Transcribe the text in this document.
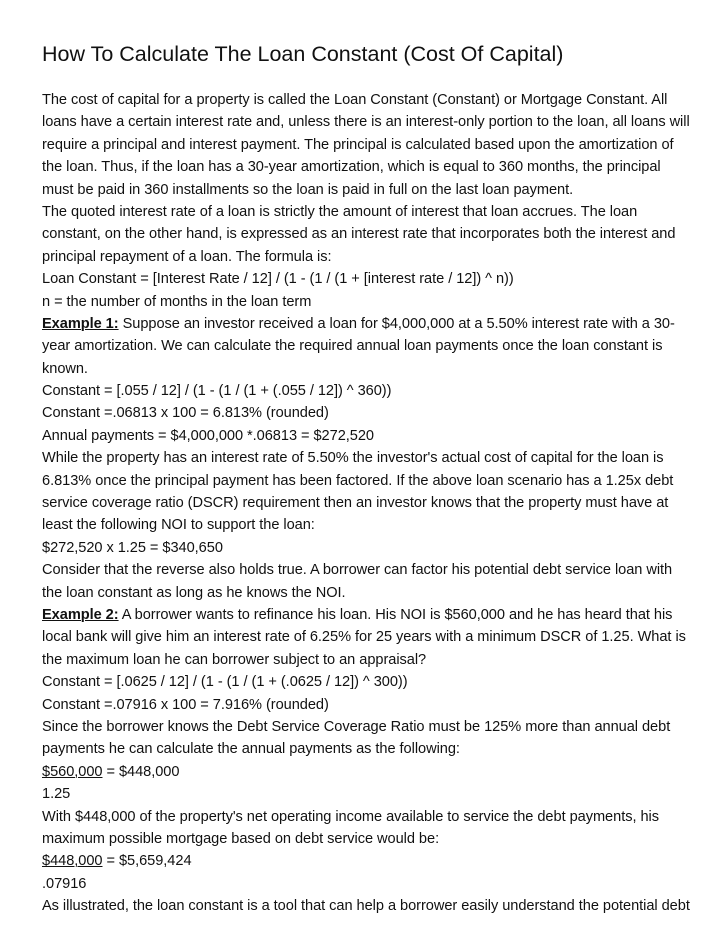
How To Calculate The Loan Constant (Cost Of Capital)
The cost of capital for a property is called the Loan Constant (Constant) or Mortgage Constant. All
loans have a certain interest rate and, unless there is an interest-only portion to the loan, all loans will
require a principal and interest payment. The principal is calculated based upon the amortization of
the loan. Thus, if the loan has a 30-year amortization, which is equal to 360 months, the principal
must be paid in 360 installments so the loan is paid in full on the last loan payment.
The quoted interest rate of a loan is strictly the amount of interest that loan accrues. The loan
constant, on the other hand, is expressed as an interest rate that incorporates both the interest and
principal repayment of a loan. The formula is:
Loan Constant = [Interest Rate / 12] / (1 - (1 / (1 + [interest rate / 12]) ^ n))
n = the number of months in the loan term
Example 1: Suppose an investor received a loan for $4,000,000 at a 5.50% interest rate with a 30-
year amortization. We can calculate the required annual loan payments once the loan constant is
known.
Constant = [.055 / 12] / (1 - (1 / (1 + (.055 / 12]) ^ 360))
Constant =.06813 x 100 = 6.813% (rounded)
Annual payments = $4,000,000 *.06813 = $272,520
While the property has an interest rate of 5.50% the investor's actual cost of capital for the loan is
6.813% once the principal payment has been factored. If the above loan scenario has a 1.25x debt
service coverage ratio (DSCR) requirement then an investor knows that the property must have at
least the following NOI to support the loan:
$272,520 x 1.25 = $340,650
Consider that the reverse also holds true. A borrower can factor his potential debt service loan with
the loan constant as long as he knows the NOI.
Example 2: A borrower wants to refinance his loan. His NOI is $560,000 and he has heard that his
local bank will give him an interest rate of 6.25% for 25 years with a minimum DSCR of 1.25. What is
the maximum loan he can borrower subject to an appraisal?
Constant = [.0625 / 12] / (1 - (1 / (1 + (.0625 / 12]) ^ 300))
Constant =.07916 x 100 = 7.916% (rounded)
Since the borrower knows the Debt Service Coverage Ratio must be 125% more than annual debt
payments he can calculate the annual payments as the following:
$560,000 = $448,000
1.25
With $448,000 of the property's net operating income available to service the debt payments, his
maximum possible mortgage based on debt service would be:
$448,000 = $5,659,424
.07916
As illustrated, the loan constant is a tool that can help a borrower easily understand the potential debt
